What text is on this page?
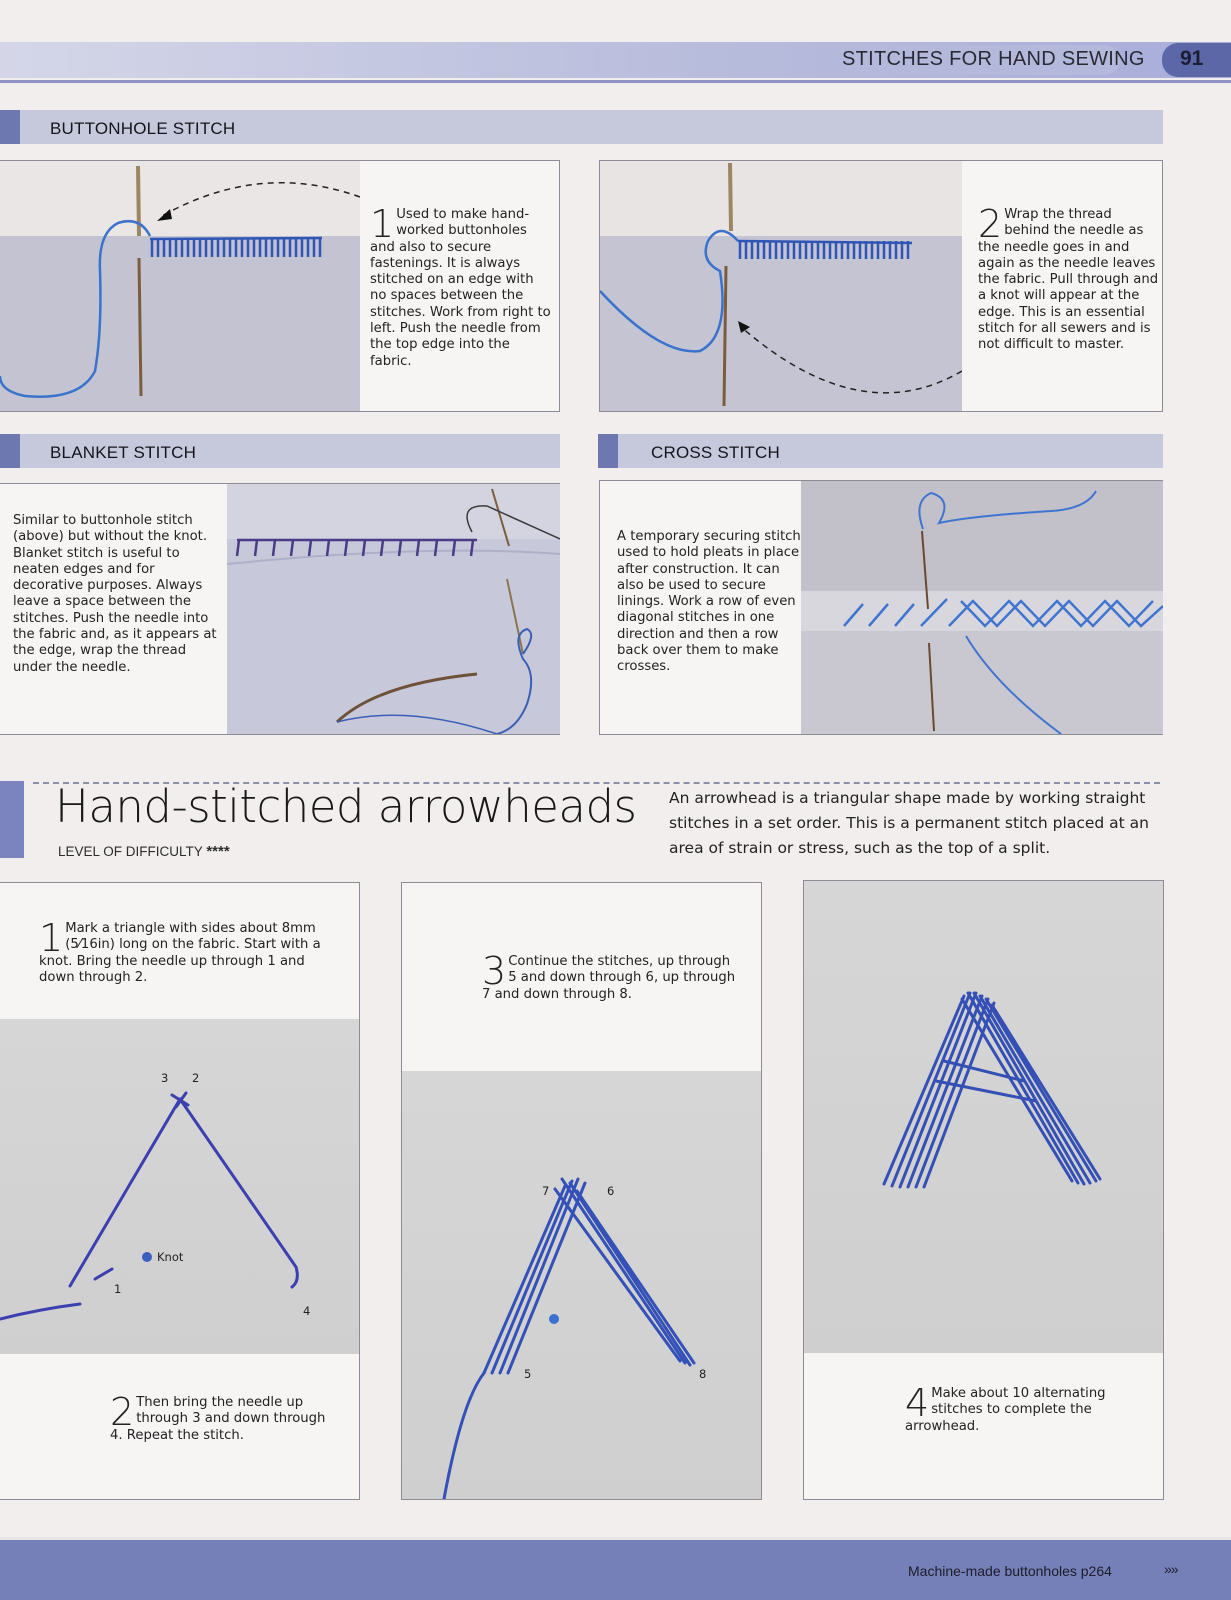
STITCHES FOR HAND SEWING 91
BUTTONHOLE STITCH
1 Used to make hand-worked buttonholes and also to secure fastenings. It is always stitched on an edge with no spaces between the stitches. Work from right to left. Push the needle from the top edge into the fabric.
2 Wrap the thread behind the needle as the needle goes in and again as the needle leaves the fabric. Pull through and a knot will appear at the edge. This is an essential stitch for all sewers and is not difficult to master.
BLANKET STITCH	CROSS STITCH
Similar to buttonhole stitch (above) but without the knot. Blanket stitch is useful to neaten edges and for decorative purposes. Always leave a space between the stitches. Push the needle into the fabric and, as it appears at the edge, wrap the thread under the needle.
A temporary securing stitch used to hold pleats in place after construction. It can also be used to secure linings. Work a row of even diagonal stitches in one direction and then a row back over them to make crosses.
Hand-stitched arrowheads
LEVEL OF DIFFICULTY ****
An arrowhead is a triangular shape made by working straight stitches in a set order. This is a permanent stitch placed at an area of strain or stress, such as the top of a split.
1 Mark a triangle with sides about 8mm (5⁄16in) long on the fabric. Start with a knot. Bring the needle up through 1 and down through 2.
3 2
Knot
1
4
2 Then bring the needle up through 3 and down through 4. Repeat the stitch.
3 Continue the stitches, up through 5 and down through 6, up through 7 and down through 8.
7	6
5	8
4 Make about 10 alternating stitches to complete the arrowhead.
Machine-made buttonholes p264	»»
